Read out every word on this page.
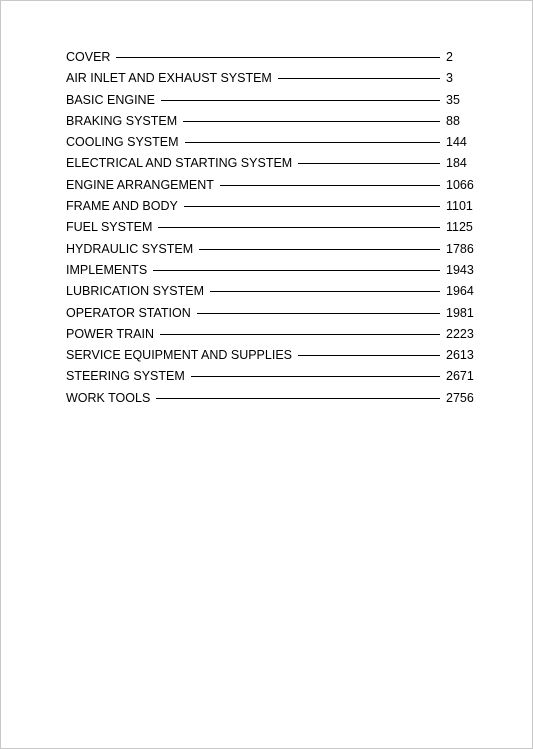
COVER	2
AIR INLET AND EXHAUST SYSTEM	3
BASIC ENGINE	35
BRAKING SYSTEM	88
COOLING SYSTEM	144
ELECTRICAL AND STARTING SYSTEM	184
ENGINE ARRANGEMENT	1066
FRAME AND BODY	1101
FUEL SYSTEM	1125
HYDRAULIC SYSTEM	1786
IMPLEMENTS	1943
LUBRICATION SYSTEM	1964
OPERATOR STATION	1981
POWER TRAIN	2223
SERVICE EQUIPMENT AND SUPPLIES	2613
STEERING SYSTEM	2671
WORK TOOLS	2756
